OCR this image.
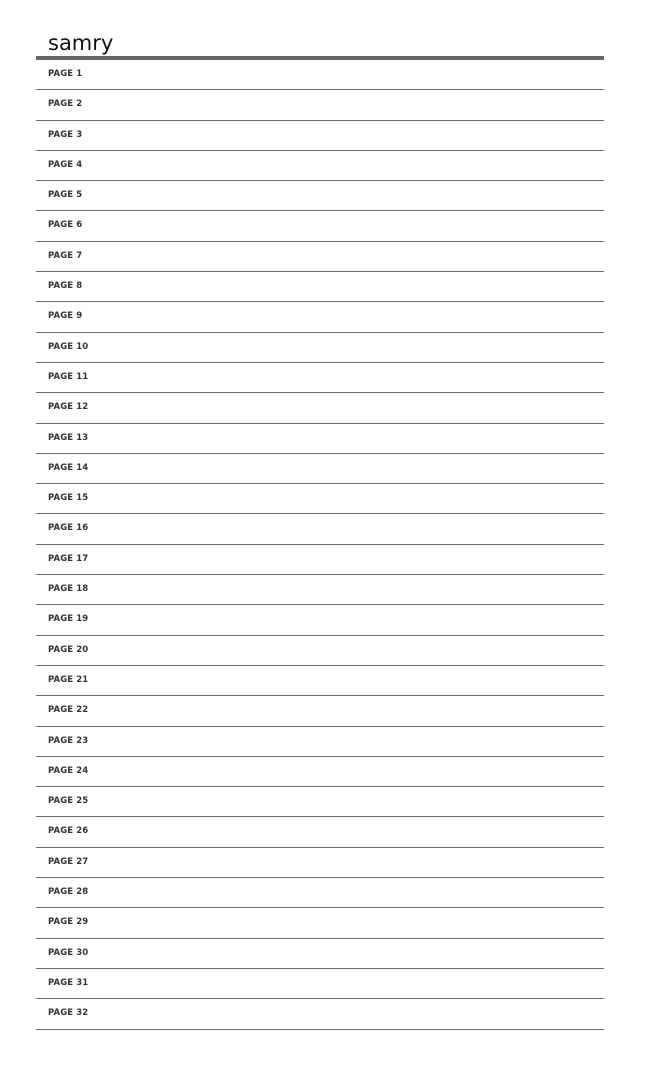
samry
PAGE 1
PAGE 2
PAGE 3
PAGE 4
PAGE 5
PAGE 6
PAGE 7
PAGE 8
PAGE 9
PAGE 10
PAGE 11
PAGE 12
PAGE 13
PAGE 14
PAGE 15
PAGE 16
PAGE 17
PAGE 18
PAGE 19
PAGE 20
PAGE 21
PAGE 22
PAGE 23
PAGE 24
PAGE 25
PAGE 26
PAGE 27
PAGE 28
PAGE 29
PAGE 30
PAGE 31
PAGE 32
